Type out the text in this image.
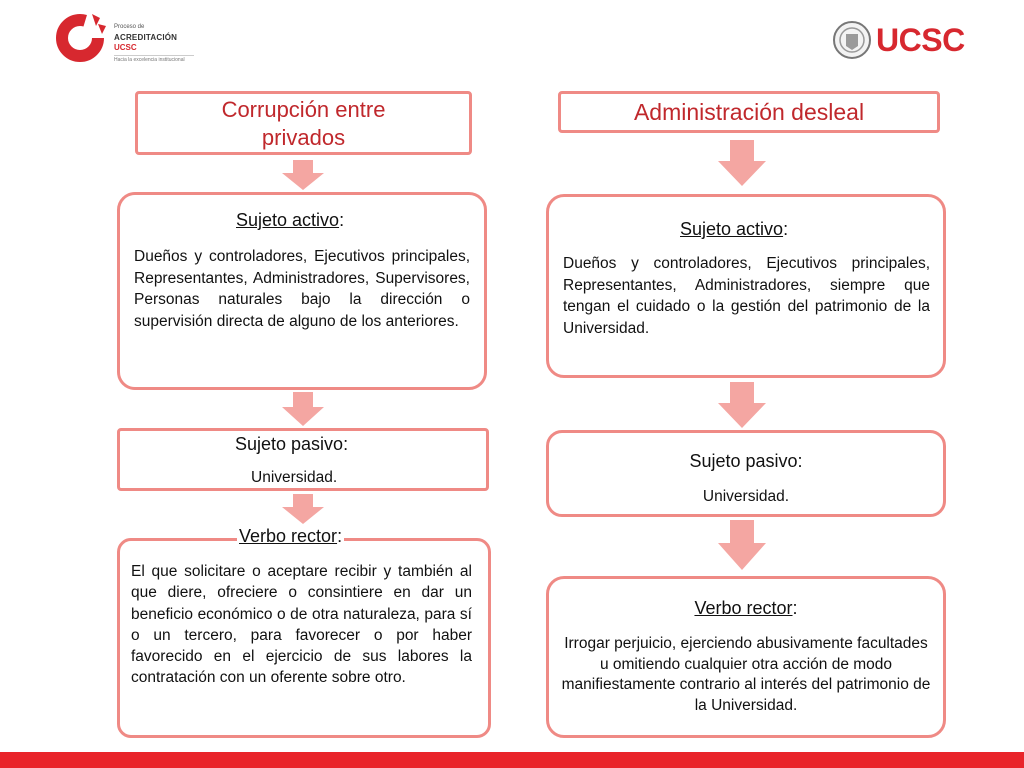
Proceso de
ACREDITACIÓN
UCSC
Hacia la excelencia institucional
UCSC
Corrupción entre privados
Sujeto activo:
Dueños y controladores, Ejecutivos principales, Representantes, Administradores, Supervisores, Personas naturales bajo la dirección o supervisión directa de alguno de los anteriores.
Sujeto pasivo:
Universidad.
Verbo rector:
El que solicitare o aceptare recibir y también al que diere, ofreciere o consintiere en dar un beneficio económico o de otra naturaleza, para sí o un tercero, para favorecer o por haber favorecido en el ejercicio de sus labores la contratación con un oferente sobre otro.
Administración desleal
Sujeto activo:
Dueños y controladores, Ejecutivos principales, Representantes, Administradores, siempre que tengan el cuidado o la gestión del patrimonio de la Universidad.
Sujeto pasivo:
Universidad.
Verbo rector:
Irrogar perjuicio, ejerciendo abusivamente facultades u omitiendo cualquier otra acción de modo manifiestamente contrario al interés del patrimonio de la Universidad.
